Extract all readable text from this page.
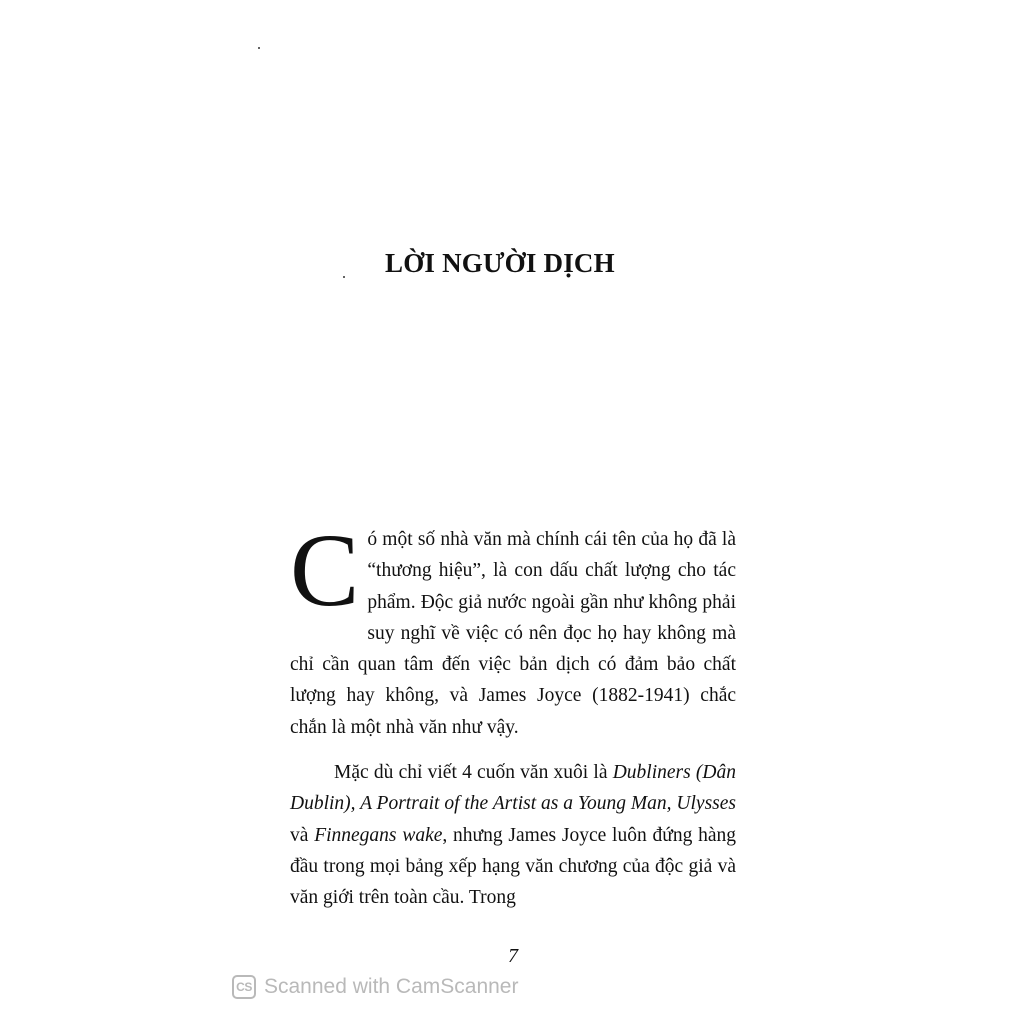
LỜI NGƯỜI DỊCH

Có một số nhà văn mà chính cái tên của họ đã là “thương hiệu”, là con dấu chất lượng cho tác phẩm. Độc giả nước ngoài gần như không phải suy nghĩ về việc có nên đọc họ hay không mà chỉ cần quan tâm đến việc bản dịch có đảm bảo chất lượng hay không, và James Joyce (1882-1941) chắc chắn là một nhà văn như vậy.

Mặc dù chỉ viết 4 cuốn văn xuôi là Dubliners (Dân Dublin), A Portrait of the Artist as a Young Man, Ulysses và Finnegans wake, nhưng James Joyce luôn đứng hàng đầu trong mọi bảng xếp hạng văn chương của độc giả và văn giới trên toàn cầu. Trong

7
CS Scanned with CamScanner
